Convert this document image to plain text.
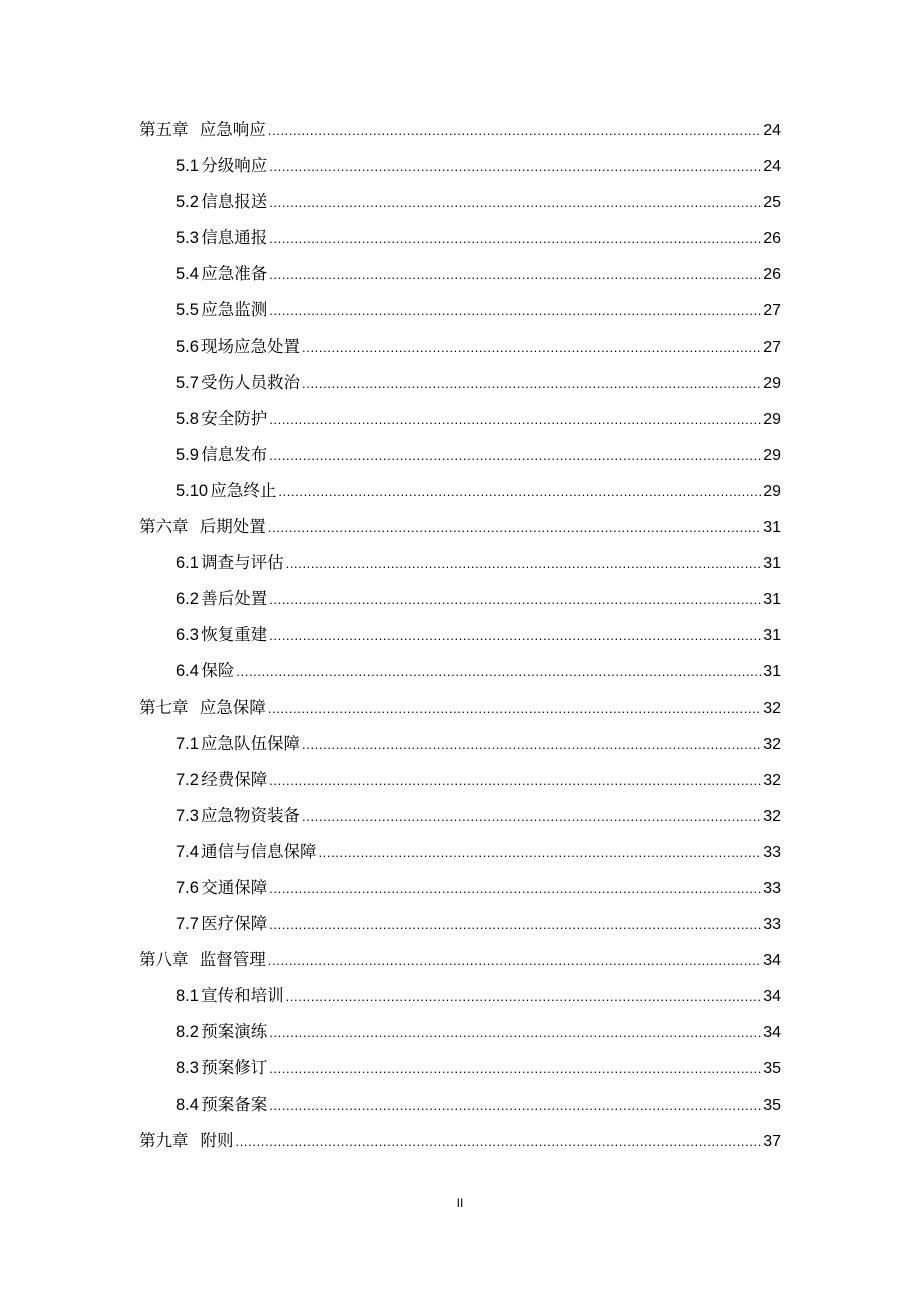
第五章 应急响应 .....	24
5.1 分级响应 .....	24
5.2 信息报送 .....	25
5.3 信息通报 .....	26
5.4 应急准备 .....	26
5.5 应急监测 .....	27
5.6 现场应急处置 .....	27
5.7 受伤人员救治 .....	29
5.8 安全防护 .....	29
5.9 信息发布 .....	29
5.10 应急终止 .....	29
第六章 后期处置 .....	31
6.1 调查与评估 .....	31
6.2 善后处置 .....	31
6.3 恢复重建 .....	31
6.4 保险 .....	31
第七章 应急保障 .....	32
7.1 应急队伍保障 .....	32
7.2 经费保障 .....	32
7.3 应急物资装备 .....	32
7.4 通信与信息保障 .....	33
7.6 交通保障 .....	33
7.7 医疗保障 .....	33
第八章 监督管理 .....	34
8.1 宣传和培训 .....	34
8.2 预案演练 .....	34
8.3 预案修订 .....	35
8.4 预案备案 .....	35
第九章 附则 .....	37
II
